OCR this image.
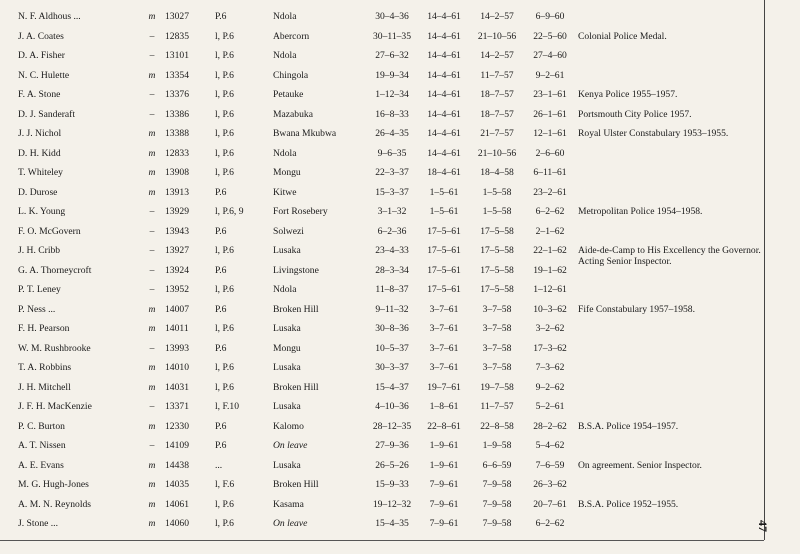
N. F. Aldhous ...	m 13027	P.6	Ndola	30–4–36	14–4–61	14–2–57	6–9–60
J. A. Coates	–	12835	l, P.6	Abercorn	30–11–35	14–4–61	21–10–56	22–5–60	Colonial Police Medal.
D. A. Fisher	–	13101	l, P.6	Ndola	27–6–32	14–4–61	14–2–57	27–4–60
N. C. Hulette	m 13354	l, P.6	Chingola	19–9–34	14–4–61	11–7–57	9–2–61
F. A. Stone	–	13376	l, P.6	Petauke	1–12–34	14–4–61	18–7–57	23–1–61	Kenya Police 1955–1957.
D. J. Sanderaft	–	13386	l, P.6	Mazabuka	16–8–33	14–4–61	18–7–57	26–1–61	Portsmouth City Police 1957.
J. J. Nichol	m 13388	l, P.6	Bwana Mkubwa	26–4–35	14–4–61	21–7–57	12–1–61	Royal Ulster Constabulary 1953–1955.
D. H. Kidd	m 12833	l, P.6	Ndola	9–6–35	14–4–61	21–10–56	2–6–60
T. Whiteley	m 13908	l, P.6	Mongu	22–3–37	18–4–61	18–4–58	6–11–61
D. Durose	m 13913	P.6	Kitwe	15–3–37	1–5–61	1–5–58	23–2–61
L. K. Young	–	13929	l, P.6, 9	Fort Rosebery	3–1–32	1–5–61	1–5–58	6–2–62	Metropolitan Police 1954–1958.
F. O. McGovern	–	13943	P.6	Solwezi	6–2–36	17–5–61	17–5–58	2–1–62
J. H. Cribb	–	13927	l, P.6	Lusaka	23–4–33	17–5–61	17–5–58	22–1–62	Aide-de-Camp to His Excellency the Governor. Acting Senior Inspector.
G. A. Thorneycroft	–	13924	P.6	Livingstone	28–3–34	17–5–61	17–5–58	19–1–62
P. T. Leney	–	13952	l, P.6	Ndola	11–8–37	17–5–61	17–5–58	1–12–61
P. Ness ...	m 14007	P.6	Broken Hill	9–11–32	3–7–61	3–7–58	10–3–62	Fife Constabulary 1957–1958.
F. H. Pearson	m 14011	l, P.6	Lusaka	30–8–36	3–7–61	3–7–58	3–2–62
W. M. Rushbrooke	–	13993	P.6	Mongu	10–5–37	3–7–61	3–7–58	17–3–62
T. A. Robbins	m 14010	l, P.6	Lusaka	30–3–37	3–7–61	3–7–58	7–3–62
J. H. Mitchell	m 14031	l, P.6	Broken Hill	15–4–37	19–7–61	19–7–58	9–2–62
J. F. H. MacKenzie	–	13371	l, F.10	Lusaka	4–10–36	1–8–61	11–7–57	5–2–61
P. C. Burton	m 12330	P.6	Kalomo	28–12–35	22–8–61	22–8–58	28–2–62	B.S.A. Police 1954–1957.
A. T. Nissen	–	14109	P.6	On leave	27–9–36	1–9–61	1–9–58	5–4–62
A. E. Evans	m 14438	...	Lusaka	26–5–26	1–9–61	6–6–59	7–6–59	On agreement. Senior Inspector.
M. G. Hugh-Jones	m 14035	l, F.6	Broken Hill	15–9–33	7–9–61	7–9–58	26–3–62
A. M. N. Reynolds	m 14061	l, P.6	Kasama	19–12–32	7–9–61	7–9–58	20–7–61	B.S.A. Police 1952–1955.
J. Stone ...	m 14060	l, P.6	On leave	15–4–35	7–9–61	7–9–58	6–2–62	47
